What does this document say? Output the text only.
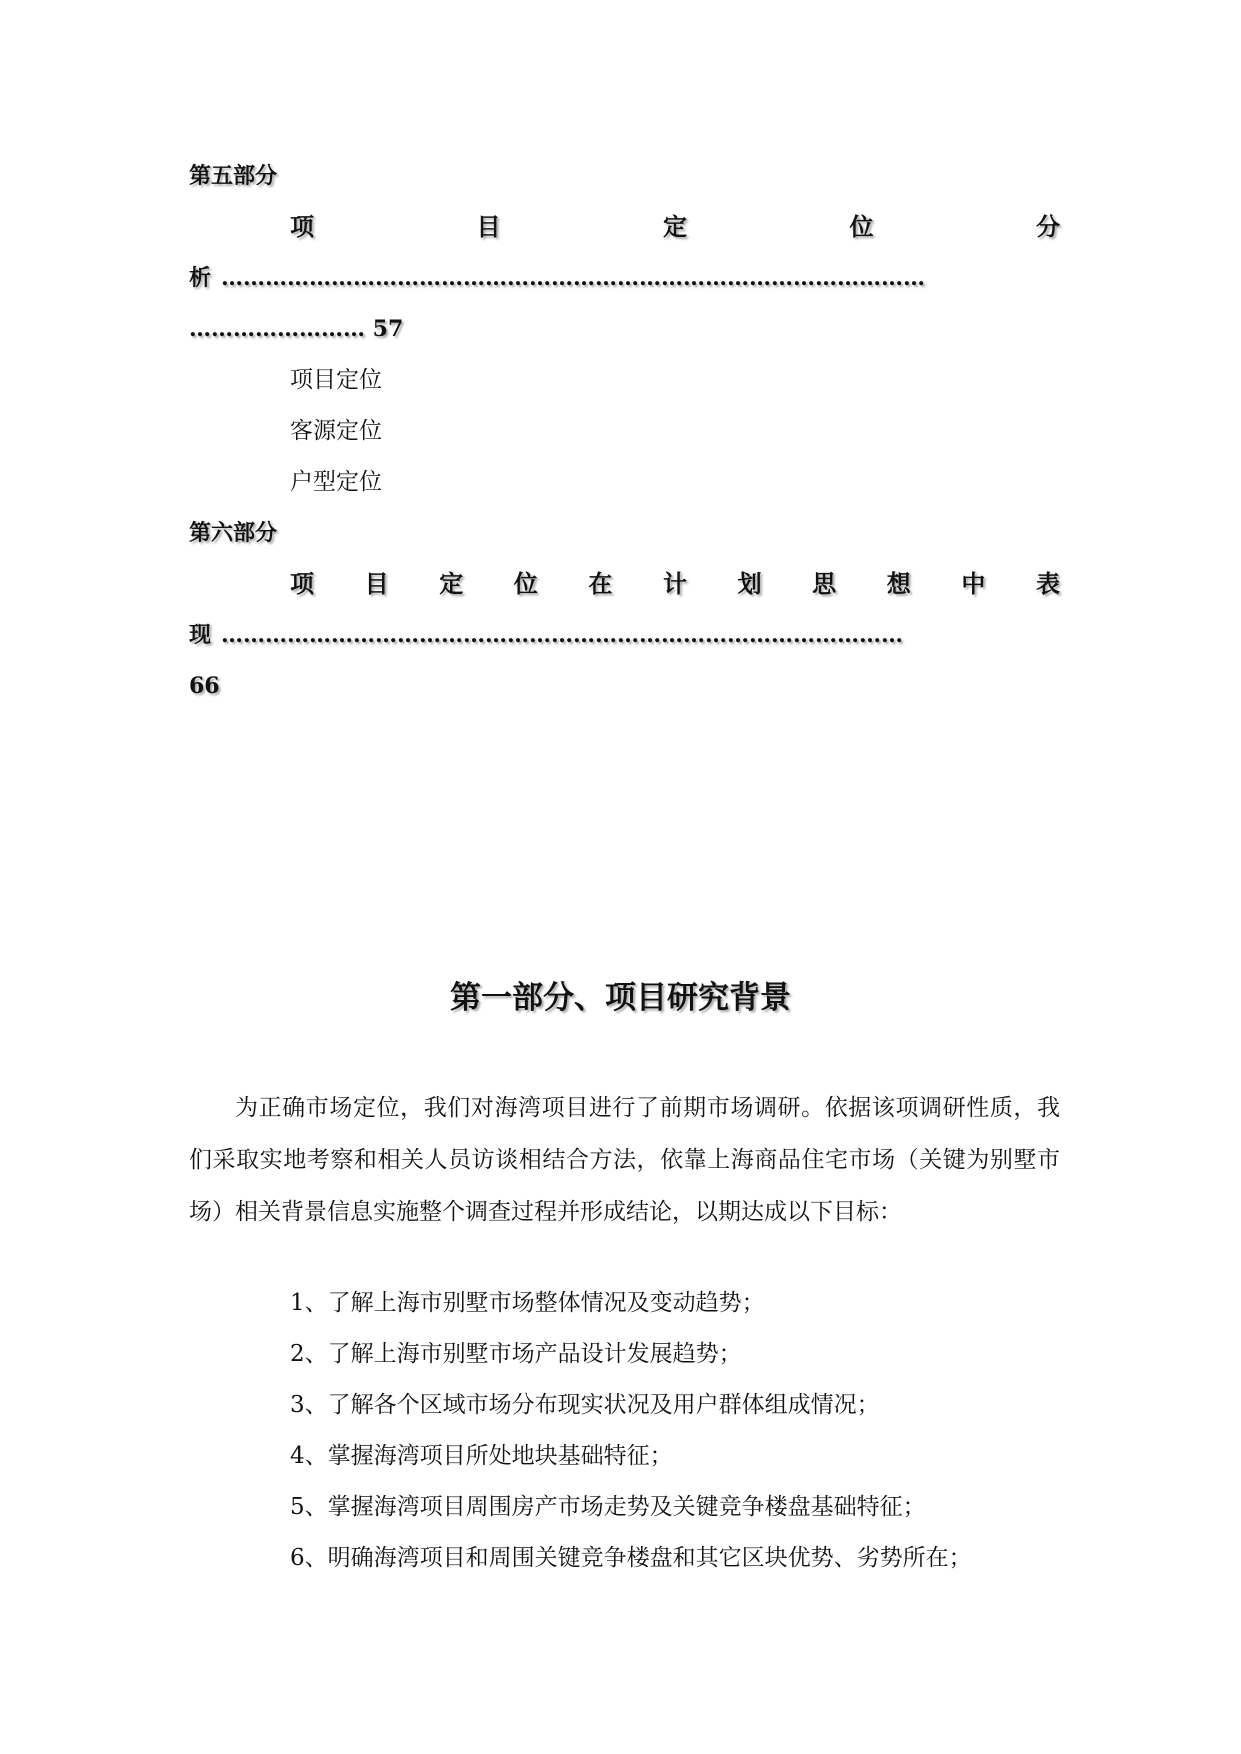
第五部分
项	目	定	位	分
析 ……………………………………………………………………………………
…………………… 57
项目定位
客源定位
户型定位
第六部分
项 目 定 位 在 计 划 思 想 中 表
现 …………………………………………………………………………………
66
第一部分、项目研究背景
为正确市场定位，我们对海湾项目进行了前期市场调研。依据该项调研性质，我们采取实地考察和相关人员访谈相结合方法，依靠上海商品住宅市场（关键为别墅市场）相关背景信息实施整个调查过程并形成结论，以期达成以下目标：
1、了解上海市别墅市场整体情况及变动趋势；
2、了解上海市别墅市场产品设计发展趋势；
3、了解各个区域市场分布现实状况及用户群体组成情况；
4、掌握海湾项目所处地块基础特征；
5、掌握海湾项目周围房产市场走势及关键竞争楼盘基础特征；
6、明确海湾项目和周围关键竞争楼盘和其它区块优势、劣势所在；
